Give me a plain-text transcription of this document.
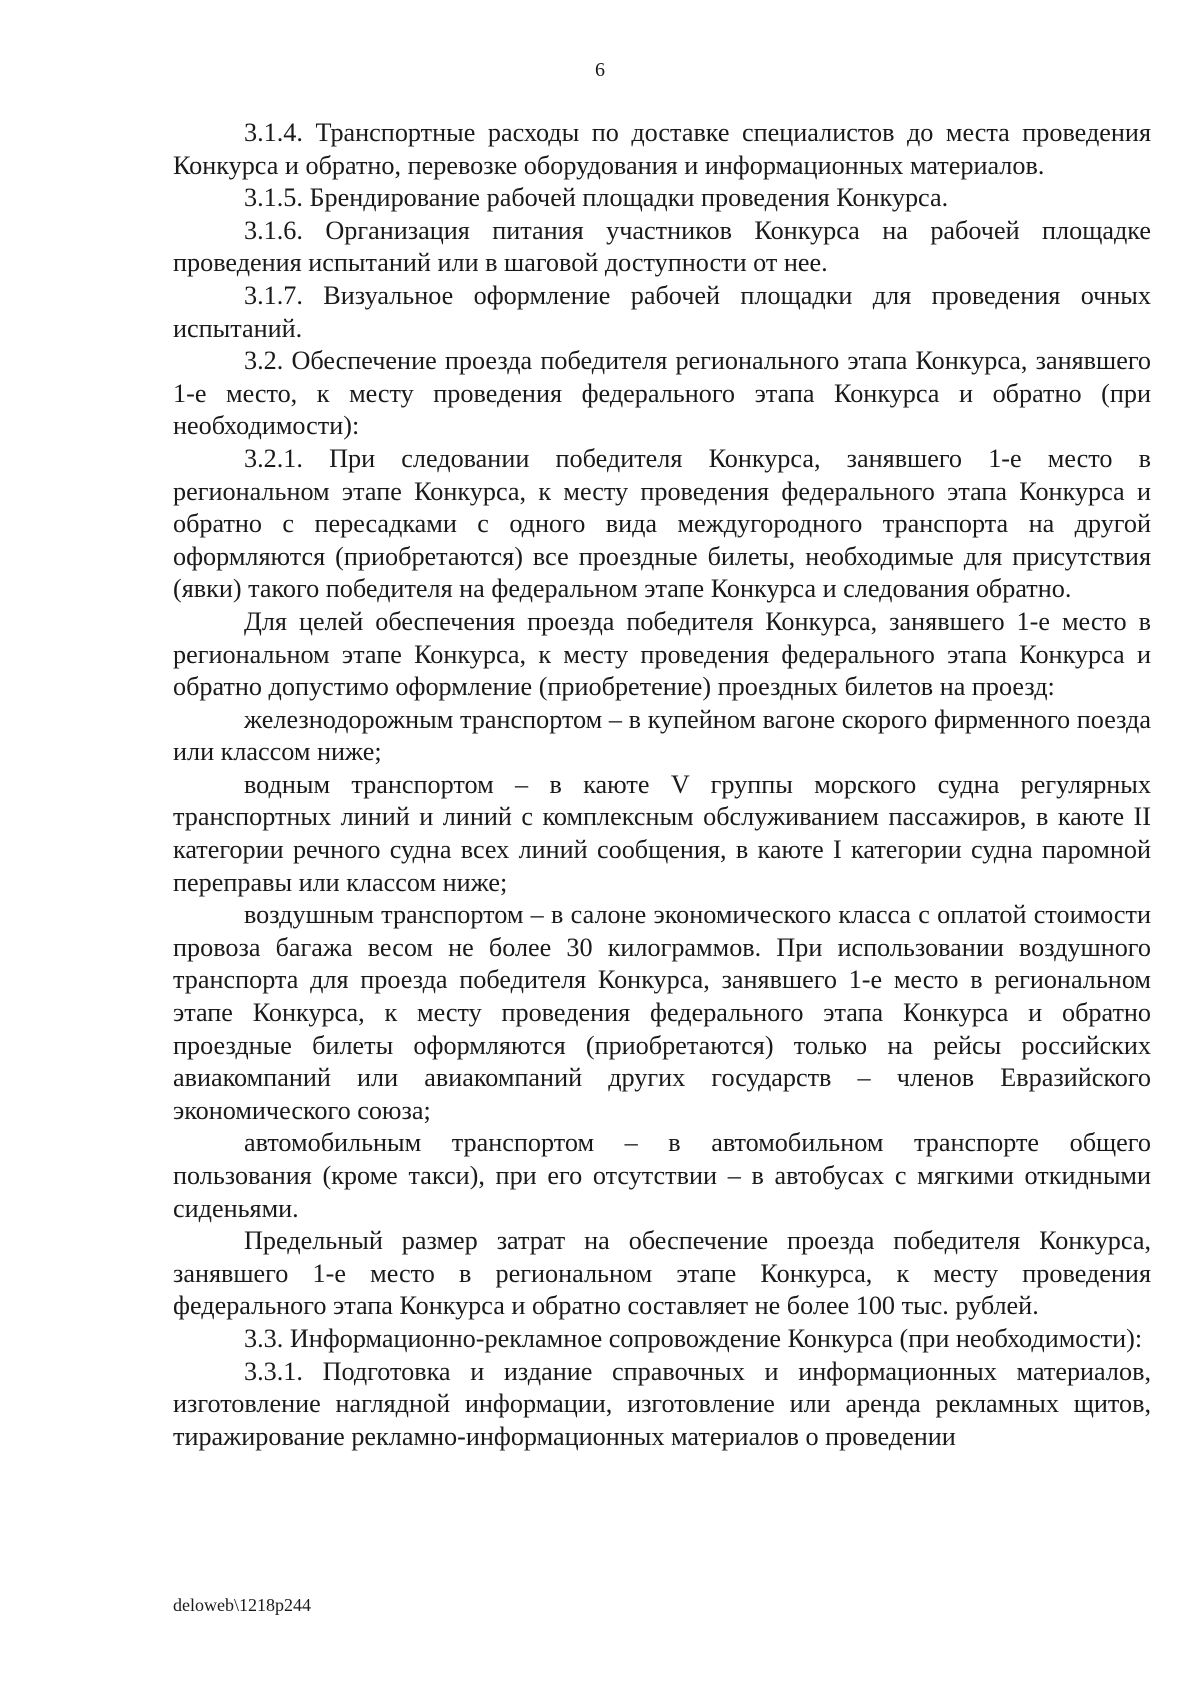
6

3.1.4. Транспортные расходы по доставке специалистов до места проведения Конкурса и обратно, перевозке оборудования и информационных материалов.

3.1.5. Брендирование рабочей площадки проведения Конкурса.

3.1.6. Организация питания участников Конкурса на рабочей площадке проведения испытаний или в шаговой доступности от нее.

3.1.7. Визуальное оформление рабочей площадки для проведения очных испытаний.

3.2. Обеспечение проезда победителя регионального этапа Конкурса, занявшего 1-е место, к месту проведения федерального этапа Конкурса и обратно (при необходимости):

3.2.1. При следовании победителя Конкурса, занявшего 1-е место в региональном этапе Конкурса, к месту проведения федерального этапа Конкурса и обратно с пересадками с одного вида междугородного транспорта на другой оформляются (приобретаются) все проездные билеты, необходимые для присутствия (явки) такого победителя на федеральном этапе Конкурса и следования обратно.

Для целей обеспечения проезда победителя Конкурса, занявшего 1-е место в региональном этапе Конкурса, к месту проведения федерального этапа Конкурса и обратно допустимо оформление (приобретение) проездных билетов на проезд:

железнодорожным транспортом – в купейном вагоне скорого фирменного поезда или классом ниже;

водным транспортом – в каюте V группы морского судна регулярных транспортных линий и линий с комплексным обслуживанием пассажиров, в каюте II категории речного судна всех линий сообщения, в каюте I категории судна паромной переправы или классом ниже;

воздушным транспортом – в салоне экономического класса с оплатой стоимости провоза багажа весом не более 30 килограммов. При использовании воздушного транспорта для проезда победителя Конкурса, занявшего 1-е место в региональном этапе Конкурса, к месту проведения федерального этапа Конкурса и обратно проездные билеты оформляются (приобретаются) только на рейсы российских авиакомпаний или авиакомпаний других государств – членов Евразийского экономического союза;

автомобильным транспортом – в автомобильном транспорте общего пользования (кроме такси), при его отсутствии – в автобусах с мягкими откидными сиденьями.

Предельный размер затрат на обеспечение проезда победителя Конкурса, занявшего 1-е место в региональном этапе Конкурса, к месту проведения федерального этапа Конкурса и обратно составляет не более 100 тыс. рублей.

3.3. Информационно-рекламное сопровождение Конкурса (при необходимости):

3.3.1. Подготовка и издание справочных и информационных материалов, изготовление наглядной информации, изготовление или аренда рекламных щитов, тиражирование рекламно-информационных материалов о проведении

deloweb\1218р244
